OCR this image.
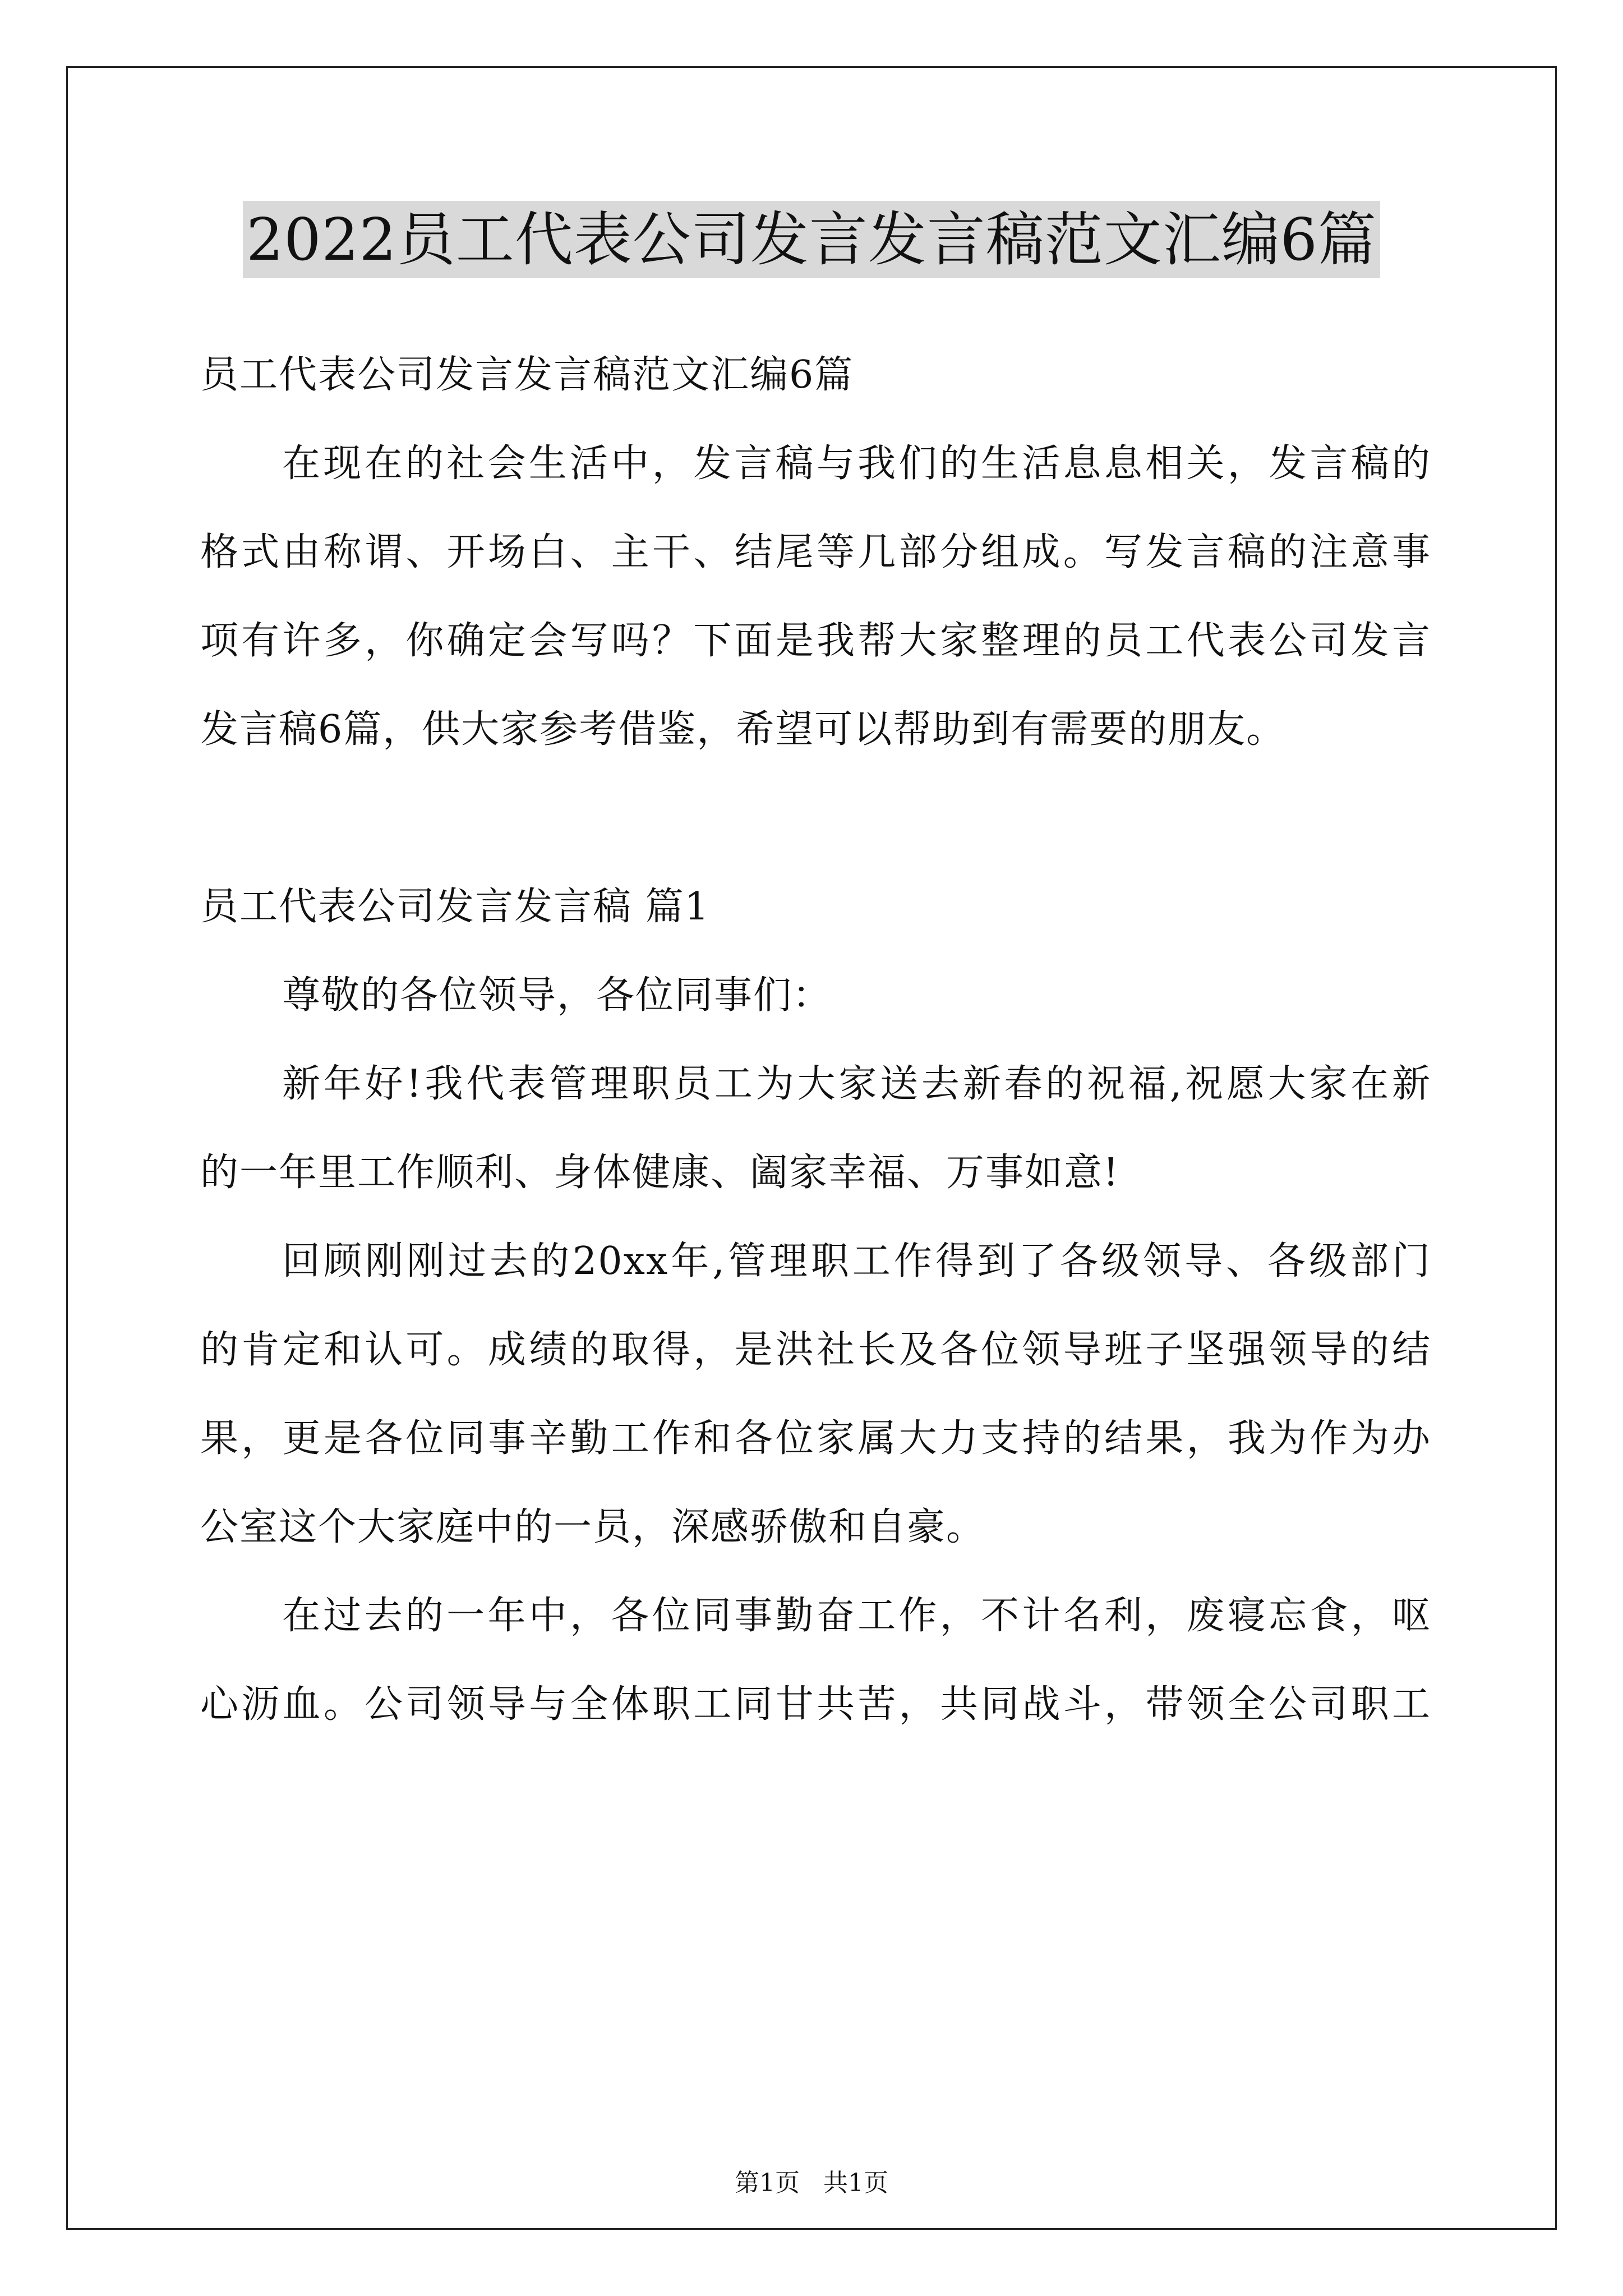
2022员工代表公司发言发言稿范文汇编6篇
员工代表公司发言发言稿范文汇编6篇
在现在的社会生活中，发言稿与我们的生活息息相关，发言稿的
格式由称谓、开场白、主干、结尾等几部分组成。写发言稿的注意事
项有许多，你确定会写吗？下面是我帮大家整理的员工代表公司发言
发言稿6篇，供大家参考借鉴，希望可以帮助到有需要的朋友。
员工代表公司发言发言稿 篇1
尊敬的各位领导，各位同事们：
新年好!我代表管理职员工为大家送去新春的祝福,祝愿大家在新
的一年里工作顺利、身体健康、阖家幸福、万事如意!
回顾刚刚过去的20xx年,管理职工作得到了各级领导、各级部门
的肯定和认可。成绩的取得，是洪社长及各位领导班子坚强领导的结
果，更是各位同事辛勤工作和各位家属大力支持的结果，我为作为办
公室这个大家庭中的一员，深感骄傲和自豪。
在过去的一年中，各位同事勤奋工作，不计名利，废寝忘食，呕
心沥血。公司领导与全体职工同甘共苦，共同战斗，带领全公司职工
第1页   共1页
